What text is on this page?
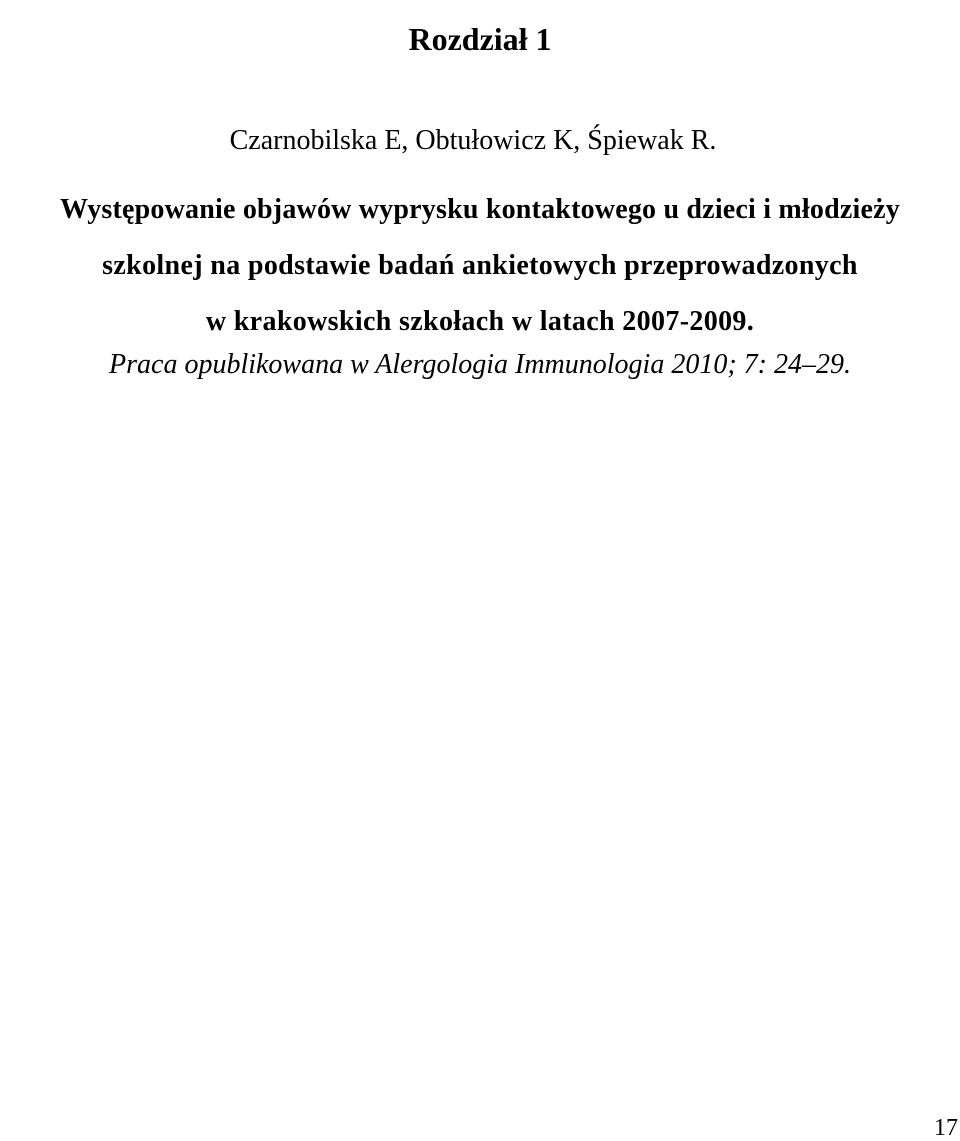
Rozdział 1
Czarnobilska E, Obtułowicz K, Śpiewak R.
Występowanie objawów wyprysku kontaktowego u dzieci i młodzieży
szkolnej na podstawie badań ankietowych przeprowadzonych
w krakowskich szkołach w latach 2007-2009.
Praca opublikowana w Alergologia Immunologia 2010; 7: 24–29.
17
